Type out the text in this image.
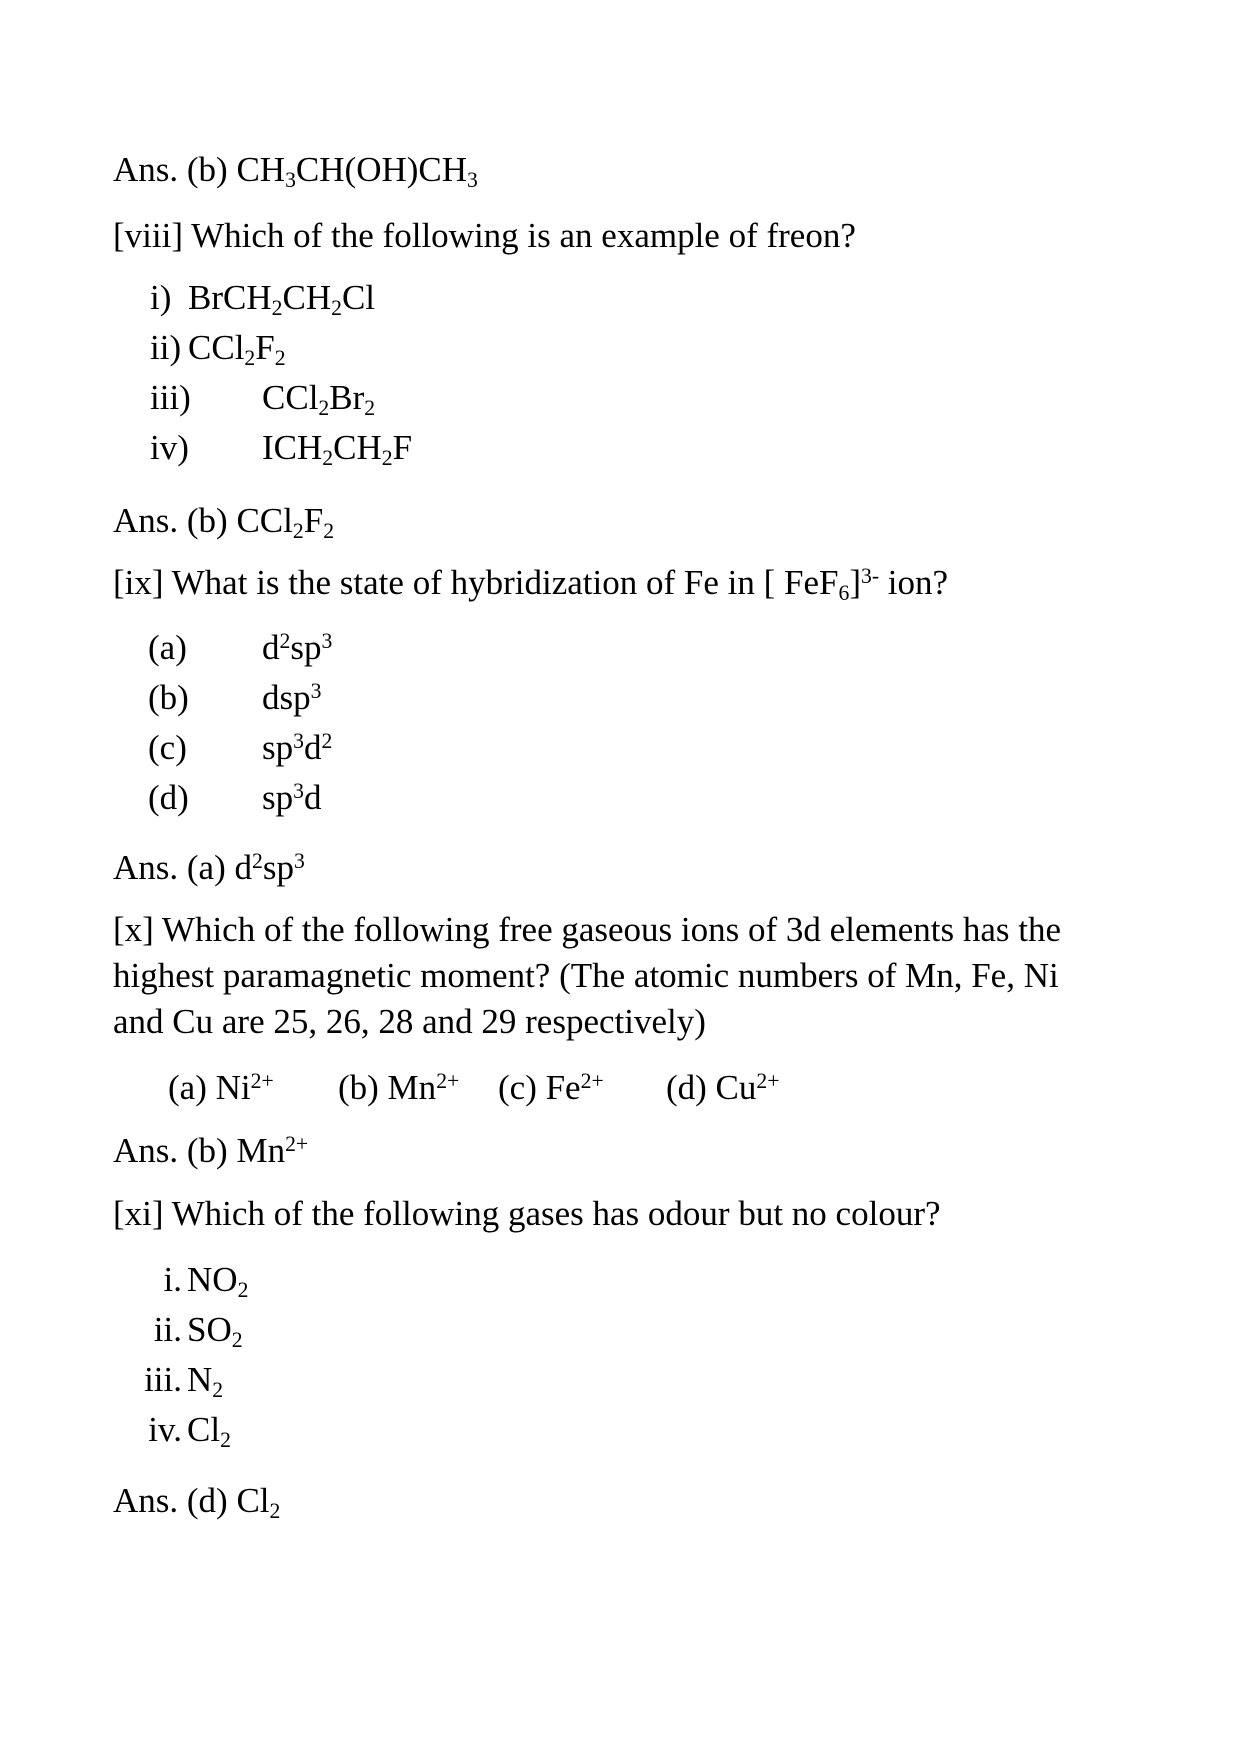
Ans. (b) $CH_3CH(OH)CH_3$
[viii] Which of the following is an example of freon?
i) $BrCH_2CH_2Cl$
ii) $CCl_2F_2$
iii) $CCl_2Br_2$
iv) $ICH_2CH_2F$
Ans. (b) $CCl_2F_2$
[ix] What is the state of hybridization of Fe in [ FeF$_6$]$^{3-}$ ion?
(a) $d^2sp^3$
(b) dsp$^3$
(c) $sp^3d^2$
(d) $sp^3d$
Ans. (a) $d^2sp^3$
[x] Which of the following free gaseous ions of 3d elements has the
highest paramagnetic moment? (The atomic numbers of Mn, Fe, Ni
and Cu are 25, 26, 28 and 29 respectively)
(a) $Ni^{2+}$ (b) $Mn^{2+}$ (c) $Fe^{2+}$ (d) $Cu^{2+}$
Ans. (b) $Mn^{2+}$
[xi] Which of the following gases has odour but no colour?
i. $NO_2$
ii. $SO_2$
iii. $N_2$
iv. $Cl_2$
Ans. (d) $Cl_2$
